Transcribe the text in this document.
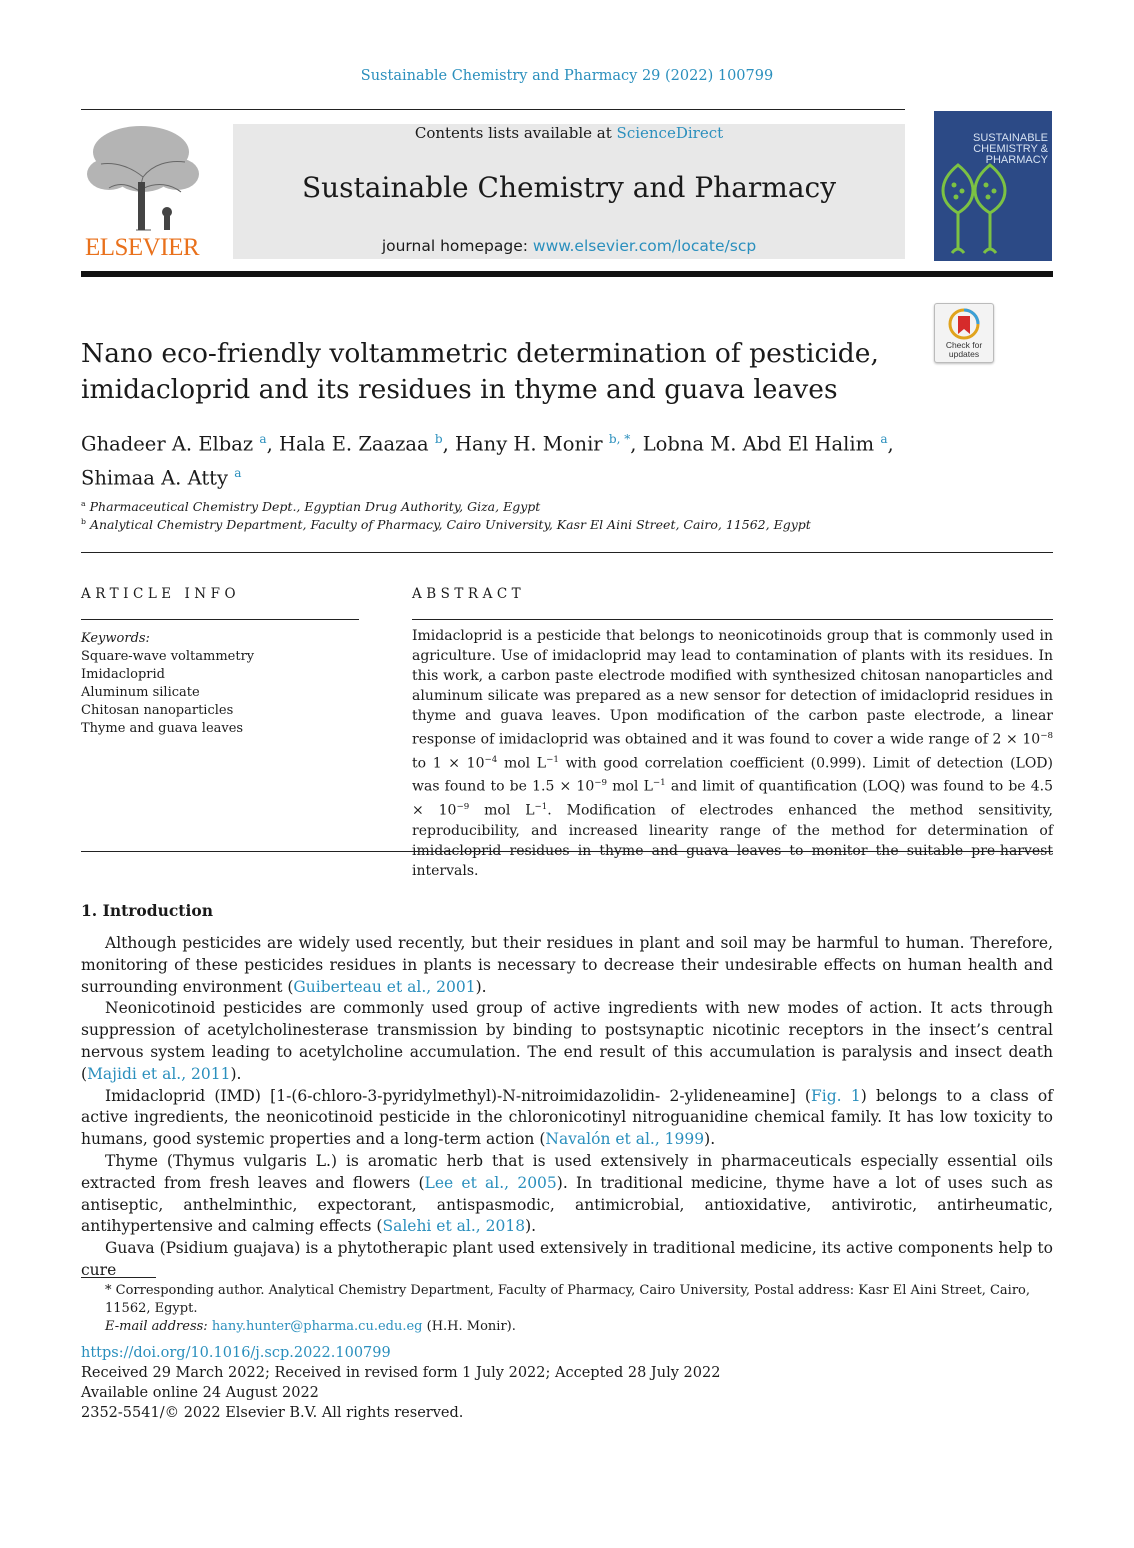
Sustainable Chemistry and Pharmacy 29 (2022) 100799
ELSEVIER
Contents lists available at ScienceDirect
Sustainable Chemistry and Pharmacy
journal homepage: www.elsevier.com/locate/scp
SUSTAINABLE
CHEMISTRY &
PHARMACY
Check for
updates
Nano eco-friendly voltammetric determination of pesticide,
imidacloprid and its residues in thyme and guava leaves
Ghadeer A. Elbaz $^a$, Hala E. Zaazaa $^b$, Hany H. Monir $^{b, *}$, Lobna M. Abd El Halim $^a$,
Shimaa A. Atty $^a$
$^a$ Pharmaceutical Chemistry Dept., Egyptian Drug Authority, Giza, Egypt
$^b$ Analytical Chemistry Department, Faculty of Pharmacy, Cairo University, Kasr El Aini Street, Cairo, 11562, Egypt
ARTICLE INFO	ABSTRACT
Keywords:
Square-wave voltammetry
Imidacloprid
Aluminum silicate
Chitosan nanoparticles
Thyme and guava leaves
Imidacloprid is a pesticide that belongs to neonicotinoids group that is commonly used in agriculture. Use of imidacloprid may lead to contamination of plants with its residues. In this work, a carbon paste electrode modified with synthesized chitosan nanoparticles and aluminum silicate was prepared as a new sensor for detection of imidacloprid residues in thyme and guava leaves. Upon modification of the carbon paste electrode, a linear response of imidacloprid was obtained and it was found to cover a wide range of $2 \times 10^{-8}$ to $1 \times 10^{-4}$ mol $L^{-1}$ with good correlation coefficient (0.999). Limit of detection (LOD) was found to be $1.5 \times 10^{-9}$ mol $L^{-1}$ and limit of quantification (LOQ) was found to be $4.5 \times 10^{-9}$ mol $L^{-1}$. Modification of electrodes enhanced the method sensitivity, reproducibility, and increased linearity range of the method for determination of imidacloprid residues in thyme and guava leaves to monitor the suitable pre-harvest intervals.
1. Introduction

Although pesticides are widely used recently, but their residues in plant and soil may be harmful to human. Therefore, monitoring of these pesticides residues in plants is necessary to decrease their undesirable effects on human health and surrounding environment (Guiberteau et al., 2001).

Neonicotinoid pesticides are commonly used group of active ingredients with new modes of action. It acts through suppression of acetylcholinesterase transmission by binding to postsynaptic nicotinic receptors in the insect’s central nervous system leading to acetylcholine accumulation. The end result of this accumulation is paralysis and insect death (Majidi et al., 2011).

Imidacloprid (IMD) [1-(6-chloro-3-pyridylmethyl)-N-nitroimidazolidin- 2-ylideneamine] (Fig. 1) belongs to a class of active ingredients, the neonicotinoid pesticide in the chloronicotinyl nitroguanidine chemical family. It has low toxicity to humans, good systemic properties and a long-term action (Navalón et al., 1999).

Thyme (Thymus vulgaris L.) is aromatic herb that is used extensively in pharmaceuticals especially essential oils extracted from fresh leaves and flowers (Lee et al., 2005). In traditional medicine, thyme have a lot of uses such as antiseptic, anthelminthic, expectorant, antispasmodic, antimicrobial, antioxidative, antivirotic, antirheumatic, antihypertensive and calming effects (Salehi et al., 2018).

Guava (Psidium guajava) is a phytotherapic plant used extensively in traditional medicine, its active components help to cure

* Corresponding author. Analytical Chemistry Department, Faculty of Pharmacy, Cairo University, Postal address: Kasr El Aini Street, Cairo, 11562, Egypt.
E-mail address: hany.hunter@pharma.cu.edu.eg (H.H. Monir).
https://doi.org/10.1016/j.scp.2022.100799
Received 29 March 2022; Received in revised form 1 July 2022; Accepted 28 July 2022
Available online 24 August 2022
2352-5541/© 2022 Elsevier B.V. All rights reserved.
